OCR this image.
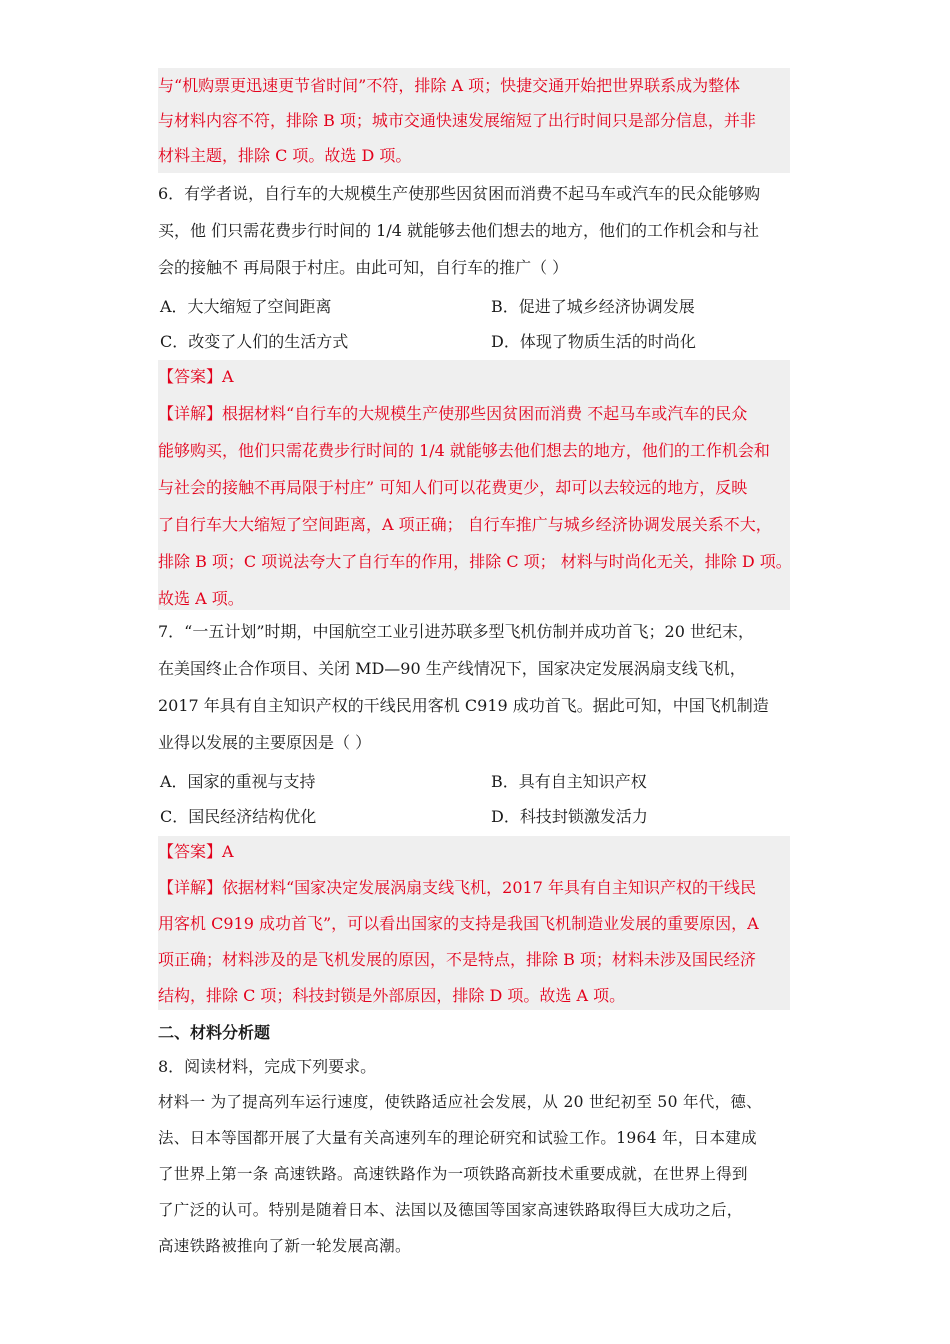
与“机购票更迅速更节省时间”不符，排除 A 项；快捷交通开始把世界联系成为整体
与材料内容不符，排除 B 项；城市交通快速发展缩短了出行时间只是部分信息，并非
材料主题，排除 C 项。故选 D 项。
6．有学者说，自行车的大规模生产使那些因贫困而消费不起马车或汽车的民众能够购
买，他 们只需花费步行时间的 1/4 就能够去他们想去的地方，他们的工作机会和与社
会的接触不 再局限于村庄。由此可知，自行车的推广（ ）
A．大大缩短了空间距离	B．促进了城乡经济协调发展
C．改变了人们的生活方式	D．体现了物质生活的时尚化
【答案】A
【详解】根据材料“自行车的大规模生产使那些因贫困而消费 不起马车或汽车的民众
能够购买，他们只需花费步行时间的 1/4 就能够去他们想去的地方，他们的工作机会和
与社会的接触不再局限于村庄” 可知人们可以花费更少，却可以去较远的地方，反映
了自行车大大缩短了空间距离，A 项正确； 自行车推广与城乡经济协调发展关系不大，
排除 B 项；C 项说法夸大了自行车的作用，排除 C 项； 材料与时尚化无关，排除 D 项。
故选 A 项。
7．“一五计划”时期，中国航空工业引进苏联多型飞机仿制并成功首飞；20 世纪末，
在美国终止合作项目、关闭 MD—90 生产线情况下，国家决定发展涡扇支线飞机，
2017 年具有自主知识产权的干线民用客机 C919 成功首飞。据此可知，中国飞机制造
业得以发展的主要原因是（ ）
A．国家的重视与支持	B．具有自主知识产权
C．国民经济结构优化	D．科技封锁激发活力
【答案】A
【详解】依据材料“国家决定发展涡扇支线飞机，2017 年具有自主知识产权的干线民
用客机 C919 成功首飞”，可以看出国家的支持是我国飞机制造业发展的重要原因，A
项正确；材料涉及的是飞机发展的原因，不是特点，排除 B 项；材料未涉及国民经济
结构，排除 C 项；科技封锁是外部原因，排除 D 项。故选 A 项。
二、材料分析题
8．阅读材料，完成下列要求。
材料一 为了提高列车运行速度，使铁路适应社会发展，从 20 世纪初至 50 年代，德、
法、日本等国都开展了大量有关高速列车的理论研究和试验工作。1964 年，日本建成
了世界上第一条 高速铁路。高速铁路作为一项铁路高新技术重要成就，在世界上得到
了广泛的认可。特别是随着日本、法国以及德国等国家高速铁路取得巨大成功之后，
高速铁路被推向了新一轮发展高潮。
